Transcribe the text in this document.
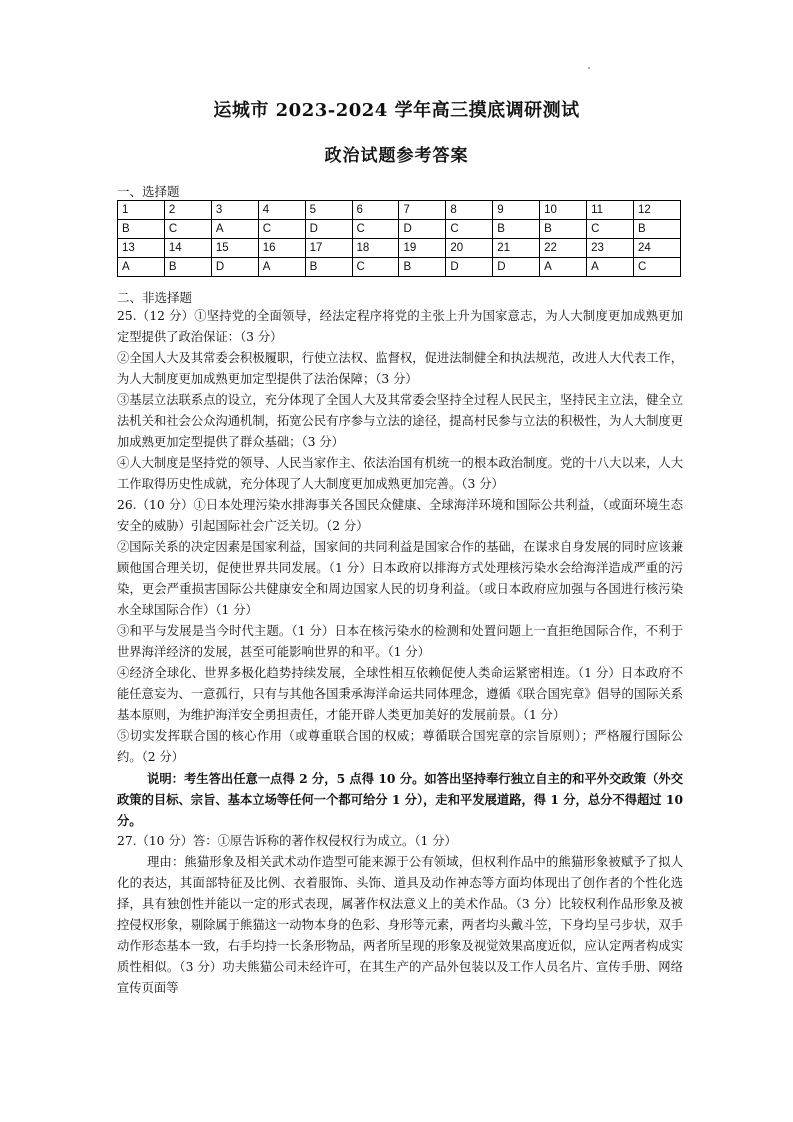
运城市 2023-2024 学年高三摸底调研测试
政治试题参考答案
一、选择题
1	2	3	4	5	6	7	8	9	10	11	12
B	C	A	C	D	C	D	C	B	B	C	B
13	14	15	16	17	18	19	20	21	22	23	24
A	B	D	A	B	C	B	D	D	A	A	C
二、非选择题

25.（12 分）①坚持党的全面领导，经法定程序将党的主张上升为国家意志，为人大制度更加成熟更加定型提供了政治保证：（3 分）

②全国人大及其常委会积极履职，行使立法权、监督权，促进法制健全和执法规范，改进人大代表工作，为人大制度更加成熟更加定型提供了法治保障；（3 分）

③基层立法联系点的设立，充分体现了全国人大及其常委会坚持全过程人民民主，坚持民主立法，健全立法机关和社会公众沟通机制，拓宽公民有序参与立法的途径，提高村民参与立法的积极性，为人大制度更加成熟更加定型提供了群众基础；（3 分）

④人大制度是坚持党的领导、人民当家作主、依法治国有机统一的根本政治制度。党的十八大以来，人大工作取得历史性成就，充分体现了人大制度更加成熟更加完善。（3 分）

26.（10 分）①日本处理污染水排海事关各国民众健康、全球海洋环境和国际公共利益，（或面环境生态安全的威胁）引起国际社会广泛关切。（2 分）

②国际关系的决定因素是国家利益，国家间的共同利益是国家合作的基础，在谋求自身发展的同时应该兼顾他国合理关切，促使世界共同发展。（1 分）日本政府以排海方式处理核污染水会给海洋造成严重的污染，更会严重损害国际公共健康安全和周边国家人民的切身利益。（或日本政府应加强与各国进行核污染水全球国际合作）（1 分）

③和平与发展是当今时代主题。（1 分）日本在核污染水的检测和处置问题上一直拒绝国际合作，不利于世界海洋经济的发展，甚至可能影响世界的和平。（1 分）

④经济全球化、世界多极化趋势持续发展，全球性相互依赖促使人类命运紧密相连。（1 分）日本政府不能任意妄为、一意孤行，只有与其他各国秉承海洋命运共同体理念，遵循《联合国宪章》倡导的国际关系基本原则，为维护海洋安全勇担责任，才能开辟人类更加美好的发展前景。（1 分）

⑤切实发挥联合国的核心作用（或尊重联合国的权威；尊循联合国宪章的宗旨原则）；严格履行国际公约。（2 分）

说明：考生答出任意一点得 2 分，5 点得 10 分。如答出坚持奉行独立自主的和平外交政策（外交政策的目标、宗旨、基本立场等任何一个都可给分 1 分），走和平发展道路，得 1 分，总分不得超过 10 分。

27.（10 分）答：①原告诉称的著作权侵权行为成立。（1 分）

理由：熊猫形象及相关武术动作造型可能来源于公有领域，但权利作品中的熊猫形象被赋予了拟人化的表达，其面部特征及比例、衣着服饰、头饰、道具及动作神态等方面均体现出了创作者的个性化选择，具有独创性并能以一定的形式表现，属著作权法意义上的美术作品。（3 分）比较权利作品形象及被控侵权形象，剔除属于熊猫这一动物本身的色彩、身形等元素，两者均头戴斗笠，下身均呈弓步状，双手动作形态基本一致，右手均持一长条形物品，两者所呈现的形象及视觉效果高度近似，应认定两者构成实质性相似。（3 分）功夫熊猫公司未经许可，在其生产的产品外包装以及工作人员名片、宣传手册、网络宣传页面等
